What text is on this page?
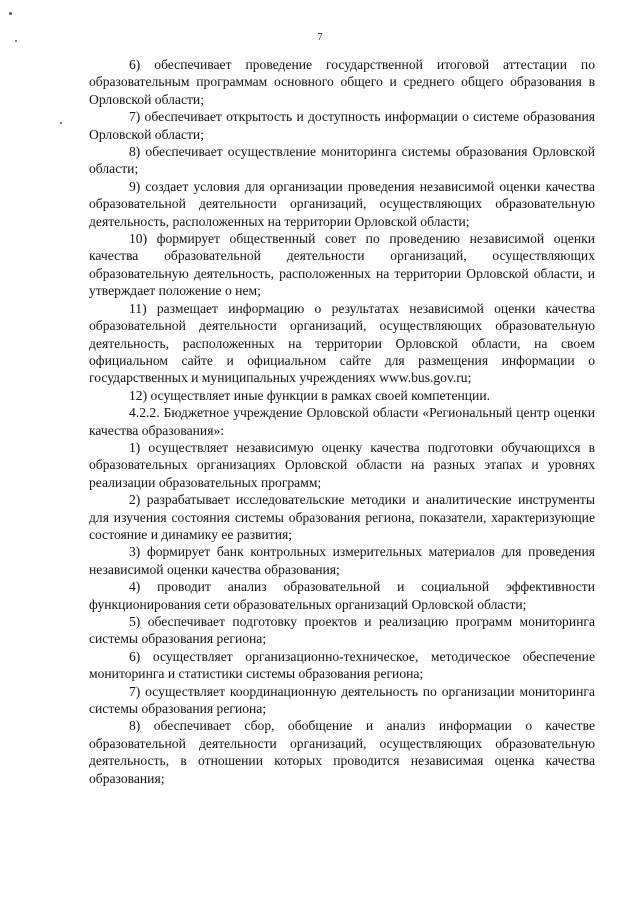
7

6) обеспечивает проведение государственной итоговой аттестации по образовательным программам основного общего и среднего общего образования в Орловской области;

7) обеспечивает открытость и доступность информации о системе образования Орловской области;

8) обеспечивает осуществление мониторинга системы образования Орловской области;

9) создает условия для организации проведения независимой оценки качества образовательной деятельности организаций, осуществляющих образовательную деятельность, расположенных на территории Орловской области;

10) формирует общественный совет по проведению независимой оценки качества образовательной деятельности организаций, осуществляющих образовательную деятельность, расположенных на территории Орловской области, и утверждает положение о нем;

11) размещает информацию о результатах независимой оценки качества образовательной деятельности организаций, осуществляющих образовательную деятельность, расположенных на территории Орловской области, на своем официальном сайте и официальном сайте для размещения информации о государственных и муниципальных учреждениях www.bus.gov.ru;

12) осуществляет иные функции в рамках своей компетенции.

4.2.2. Бюджетное учреждение Орловской области «Региональный центр оценки качества образования»:

1) осуществляет независимую оценку качества подготовки обучающихся в образовательных организациях Орловской области на разных этапах и уровнях реализации образовательных программ;

2) разрабатывает исследовательские методики и аналитические инструменты для изучения состояния системы образования региона, показатели, характеризующие состояние и динамику ее развития;

3) формирует банк контрольных измерительных материалов для проведения независимой оценки качества образования;

4) проводит анализ образовательной и социальной эффективности функционирования сети образовательных организаций Орловской области;

5) обеспечивает подготовку проектов и реализацию программ мониторинга системы образования региона;

6) осуществляет организационно-техническое, методическое обеспечение мониторинга и статистики системы образования региона;

7) осуществляет координационную деятельность по организации мониторинга системы образования региона;

8) обеспечивает сбор, обобщение и анализ информации о качестве образовательной деятельности организаций, осуществляющих образовательную деятельность, в отношении которых проводится независимая оценка качества образования;
